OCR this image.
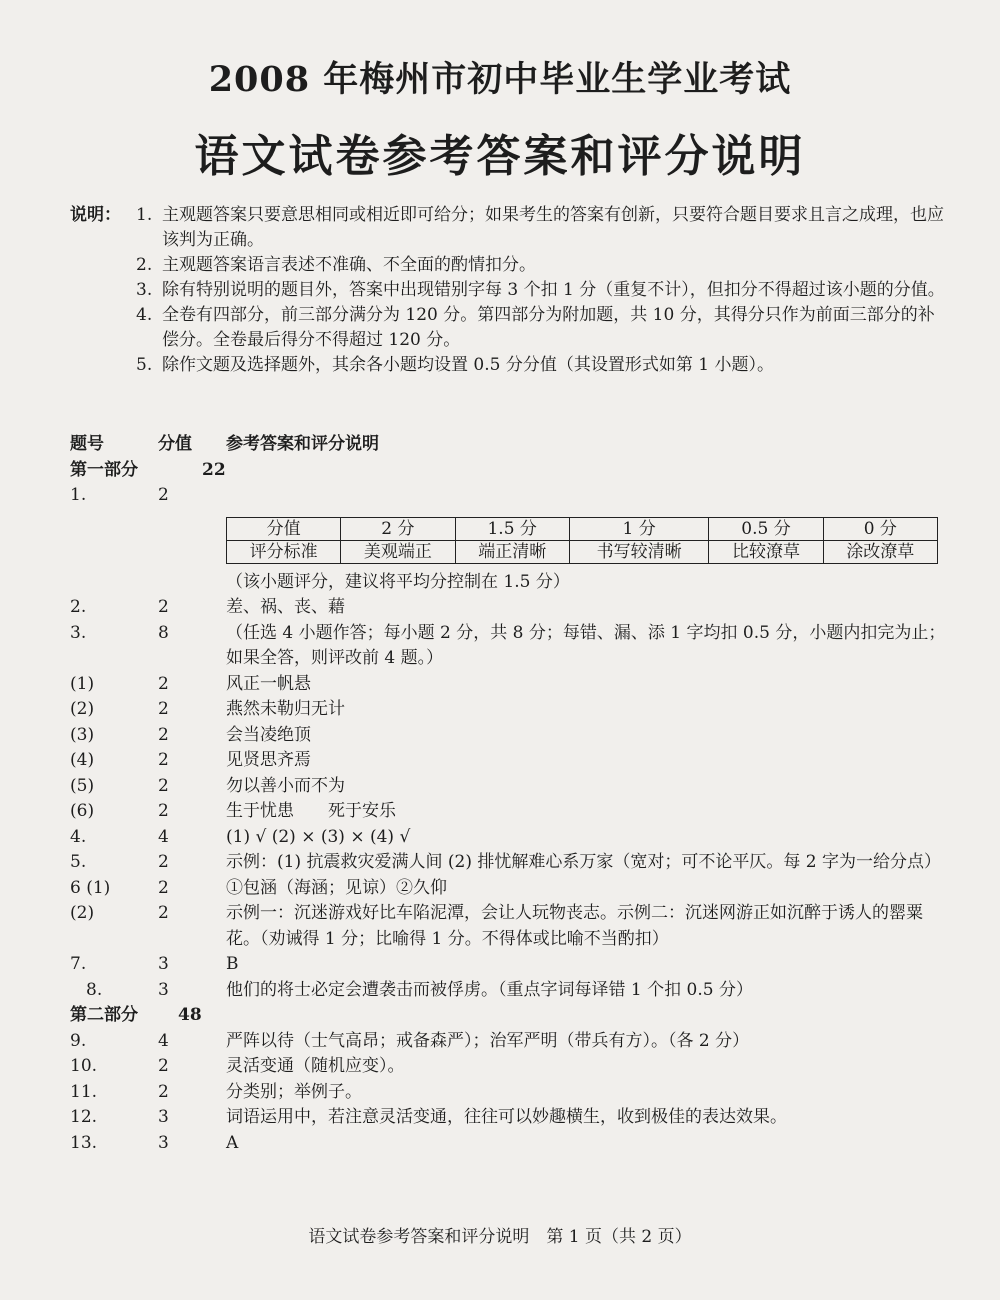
2008 年梅州市初中毕业生学业考试
语文试卷参考答案和评分说明
说明： 1. 主观题答案只要意思相同或相近即可给分；如果考生的答案有创新，只要符合题目要求且言之成理，也应该判为正确。
2. 主观题答案语言表述不准确、不全面的酌情扣分。
3. 除有特别说明的题目外，答案中出现错别字每 3 个扣 1 分（重复不计），但扣分不得超过该小题的分值。
4. 全卷有四部分，前三部分满分为 120 分。第四部分为附加题，共 10 分，其得分只作为前面三部分的补偿分。全卷最后得分不得超过 120 分。
5. 除作文题及选择题外，其余各小题均设置 0.5 分分值（其设置形式如第 1 小题）。
题号	分值 参考答案和评分说明
第一部分	22
1.	2

分值	2 分	1.5 分	1 分	0.5 分	0 分
评分标准	美观端正	端正清晰	书写较清晰	比较潦草	涂改潦草
（该小题评分，建议将平均分控制在 1.5 分）
2.	2	差、祸、丧、藉
3.	8	（任选 4 小题作答；每小题 2 分，共 8 分；每错、漏、添 1 字均扣 0.5 分，小题内扣完为止；如果全答，则评改前 4 题。）
(1)	2	风正一帆悬
(2)	2	燕然未勒归无计
(3)	2	会当凌绝顶
(4)	2	见贤思齐焉
(5)	2	勿以善小而不为
(6)	2	生于忧患　　死于安乐
4.	4	(1) √ (2) × (3) × (4) √
5.	2	示例：(1) 抗震救灾爱满人间 (2) 排忧解难心系万家（宽对；可不论平仄。每 2 字为一给分点）
6 (1)	2	①包涵（海涵；见谅）②久仰
(2)	2	示例一：沉迷游戏好比车陷泥潭，会让人玩物丧志。示例二：沉迷网游正如沉醉于诱人的罂粟花。（劝诫得 1 分；比喻得 1 分。不得体或比喻不当酌扣）
7.	3	B
8.	3	他们的将士必定会遭袭击而被俘虏。（重点字词每译错 1 个扣 0.5 分）
第二部分 48
9.	4	严阵以待（士气高昂；戒备森严）；治军严明（带兵有方）。（各 2 分）
10.	2	灵活变通（随机应变）。
11.	2	分类别；举例子。
12.	3	词语运用中，若注意灵活变通，往往可以妙趣横生，收到极佳的表达效果。
13.	3	A
语文试卷参考答案和评分说明　第 1 页（共 2 页）
